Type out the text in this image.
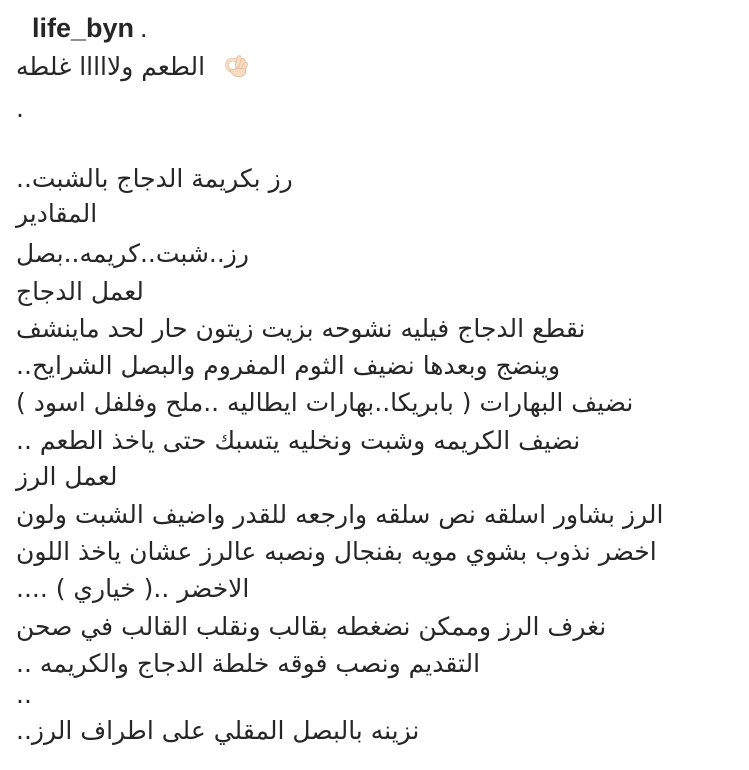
life_byn .
الطعم ولااااا غلطه
.
رز بكريمة الدجاج بالشبت..
المقادير
رز..شبت..كريمه..بصل
لعمل الدجاج
نقطع الدجاج فيليه نشوحه بزيت زيتون حار لحد ماينشف
وينضج وبعدها نضيف الثوم المفروم والبصل الشرايح..
نضيف البهارات ( بابريكا..بهارات ايطاليه ..ملح وفلفل اسود )
نضيف الكريمه وشبت ونخليه يتسبك حتى ياخذ الطعم ..
لعمل الرز
الرز بشاور اسلقه نص سلقه وارجعه للقدر واضيف الشبت ولون
اخضر نذوب بشوي مويه بفنجال ونصبه عالرز عشان ياخذ اللون
الاخضر ..( خياري ) ....
نغرف الرز وممكن نضغطه بقالب ونقلب القالب في صحن
التقديم ونصب فوقه خلطة الدجاج والكريمه ..
..
نزينه بالبصل المقلي على اطراف الرز..
